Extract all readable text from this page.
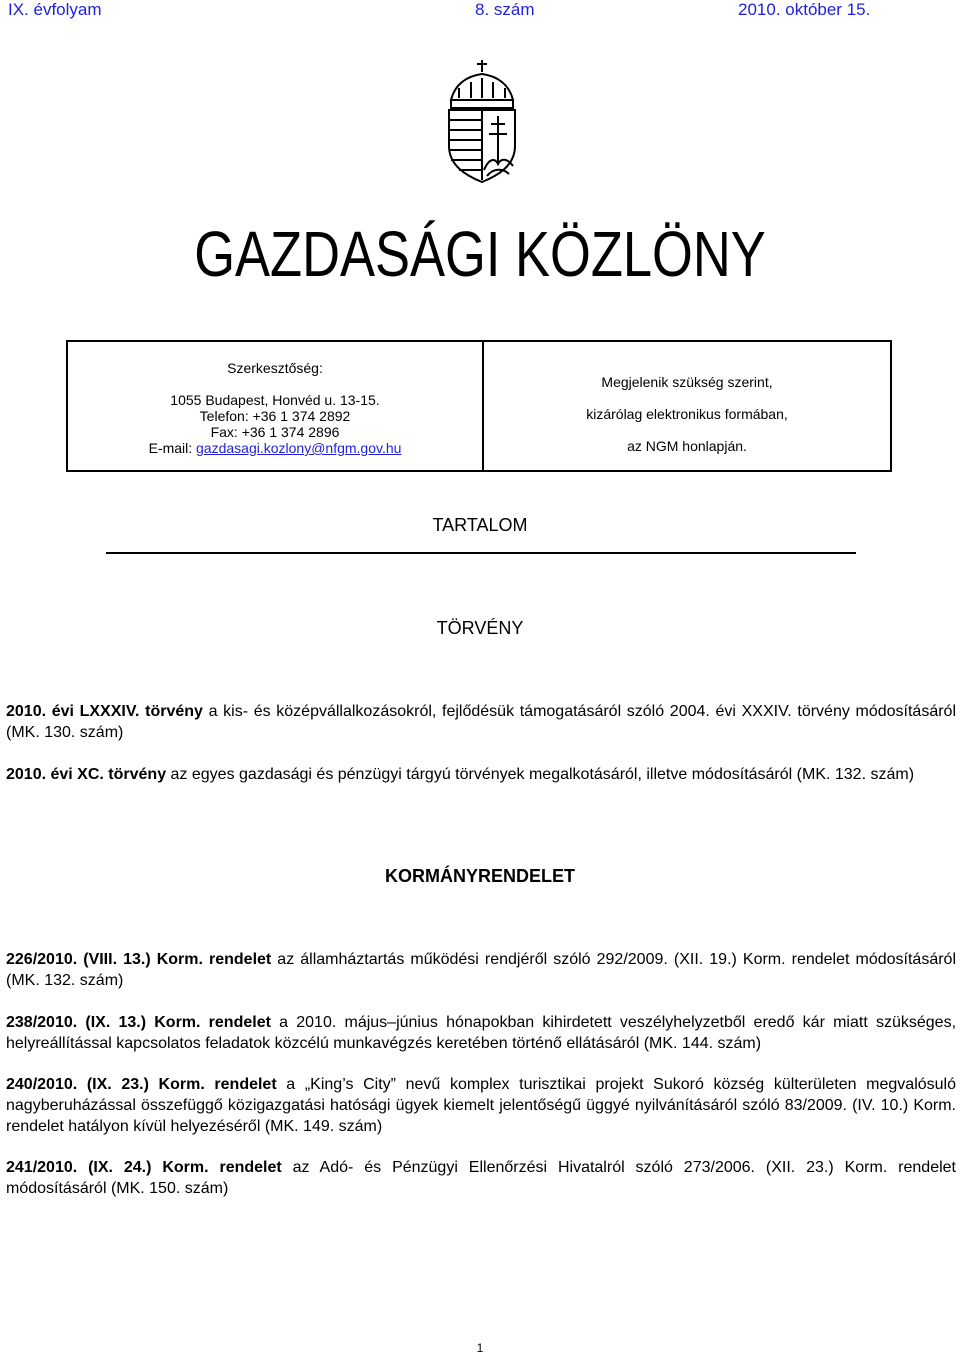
IX. évfolyam	8. szám	2010. október 15.
GAZDASÁGI KÖZLÖNY
Szerkesztőség:
1055 Budapest, Honvéd u. 13-15.
Telefon: +36 1 374 2892
Fax: +36 1 374 2896
E-mail: gazdasagi.kozlony@nfgm.gov.hu

Megjelenik szükség szerint,

kizárólag elektronikus formában,

az NGM honlapján.

TARTALOM
TÖRVÉNY
2010. évi LXXXIV. törvény a kis- és középvállalkozásokról, fejlődésük támogatásáról szóló 2004. évi XXXIV. törvény módosításáról (MK. 130. szám)
2010. évi XC. törvény az egyes gazdasági és pénzügyi tárgyú törvények megalkotásáról, illetve módosításáról (MK. 132. szám)
KORMÁNYRENDELET
226/2010. (VIII. 13.) Korm. rendelet az államháztartás működési rendjéről szóló 292/2009. (XII. 19.) Korm. rendelet módosításáról (MK. 132. szám)
238/2010. (IX. 13.) Korm. rendelet a 2010. május–június hónapokban kihirdetett veszélyhelyzetből eredő kár miatt szükséges, helyreállítással kapcsolatos feladatok közcélú munkavégzés keretében történő ellátásáról (MK. 144. szám)
240/2010. (IX. 23.) Korm. rendelet a „King’s City” nevű komplex turisztikai projekt Sukoró község külterületen megvalósuló nagyberuházással összefüggő közigazgatási hatósági ügyek kiemelt jelentőségű üggyé nyilvánításáról szóló 83/2009. (IV. 10.) Korm. rendelet hatályon kívül helyezéséről (MK. 149. szám)
241/2010. (IX. 24.) Korm. rendelet az Adó- és Pénzügyi Ellenőrzési Hivatalról szóló 273/2006. (XII. 23.) Korm. rendelet módosításáról (MK. 150. szám)
1
